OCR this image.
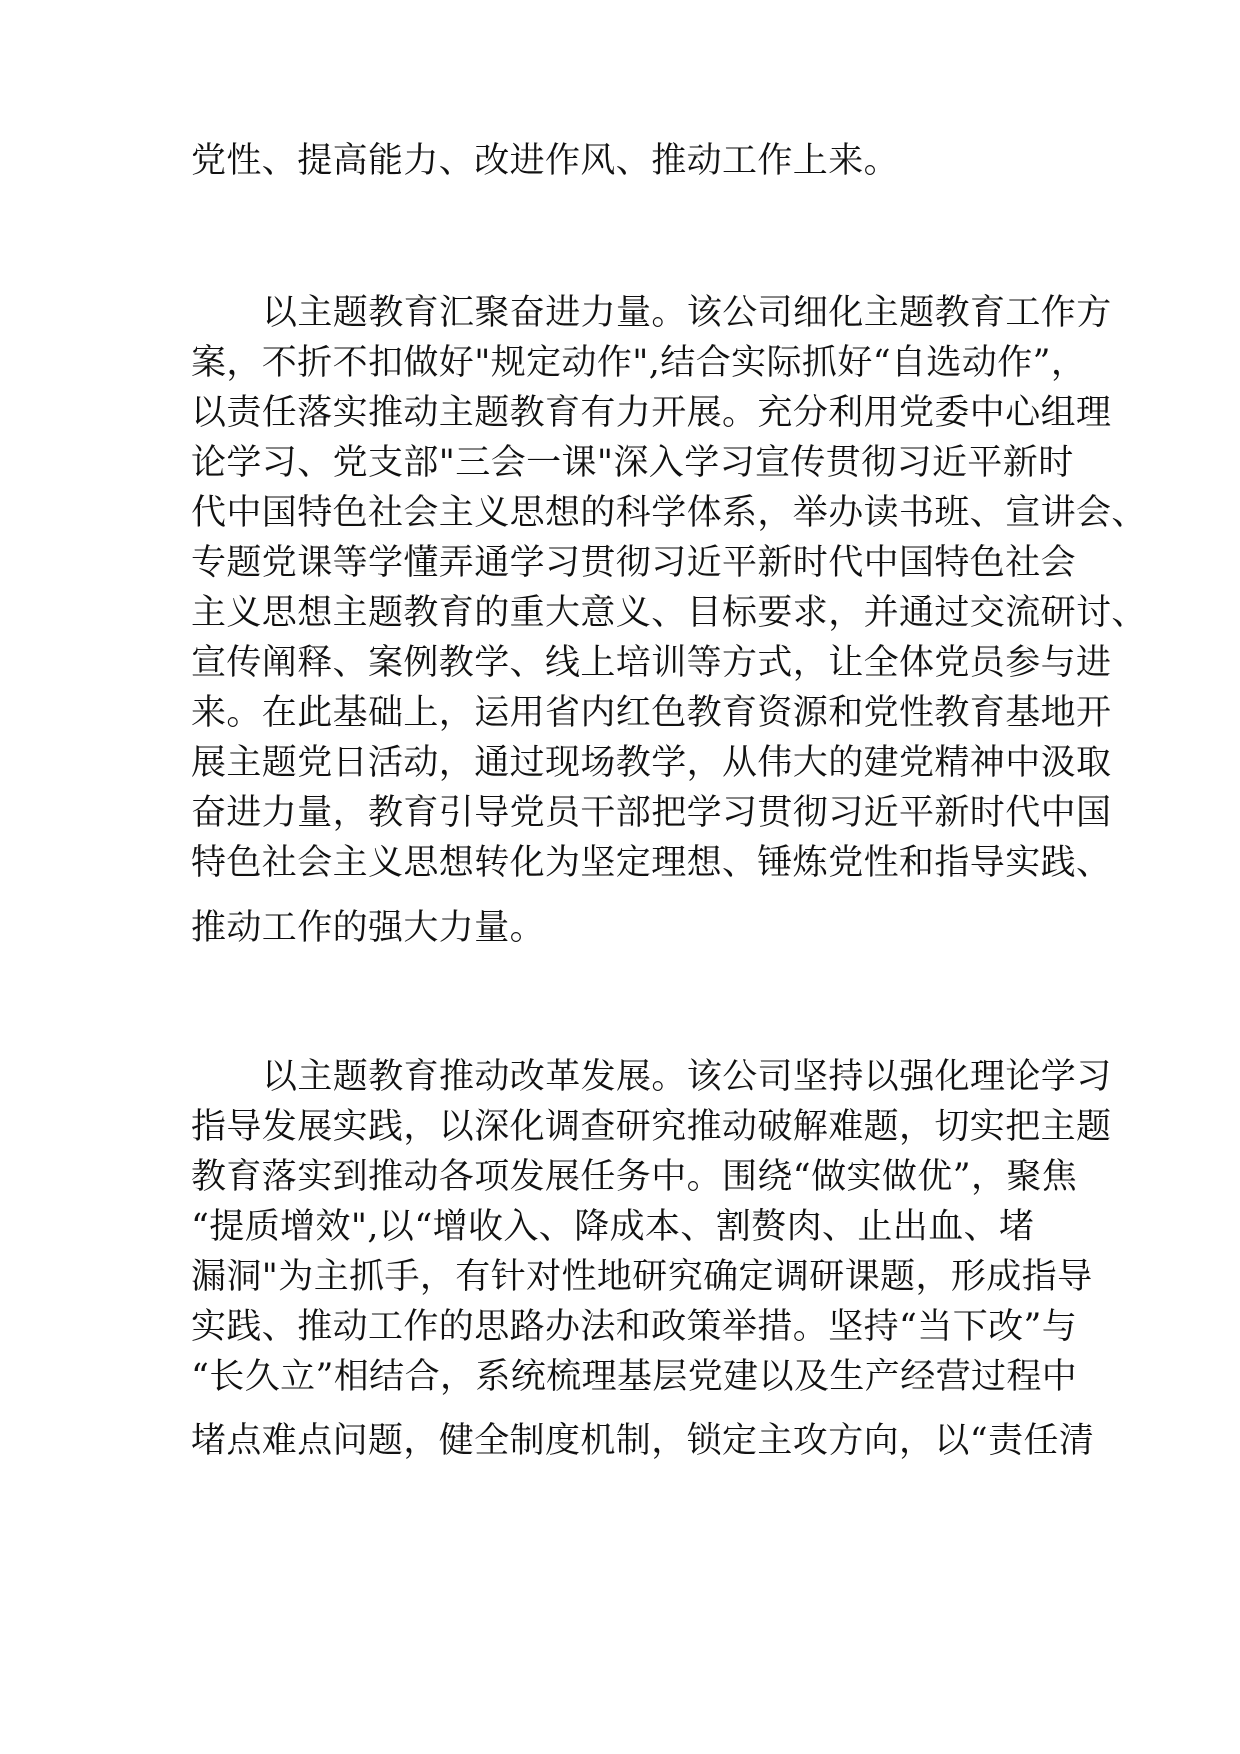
党性、提高能力、改进作风、推动工作上来。
以主题教育汇聚奋进力量。该公司细化主题教育工作方
案，不折不扣做好"规定动作",结合实际抓好“自选动作”，
以责任落实推动主题教育有力开展。充分利用党委中心组理
论学习、党支部"三会一课"深入学习宣传贯彻习近平新时
代中国特色社会主义思想的科学体系，举办读书班、宣讲会、
专题党课等学懂弄通学习贯彻习近平新时代中国特色社会
主义思想主题教育的重大意义、目标要求，并通过交流研讨、
宣传阐释、案例教学、线上培训等方式，让全体党员参与进
来。在此基础上，运用省内红色教育资源和党性教育基地开
展主题党日活动，通过现场教学，从伟大的建党精神中汲取
奋进力量，教育引导党员干部把学习贯彻习近平新时代中国
特色社会主义思想转化为坚定理想、锤炼党性和指导实践、
推动工作的强大力量。
以主题教育推动改革发展。该公司坚持以强化理论学习
指导发展实践，以深化调查研究推动破解难题，切实把主题
教育落实到推动各项发展任务中。围绕“做实做优”，聚焦
“提质增效",以“增收入、降成本、割赘肉、止出血、堵
漏洞"为主抓手，有针对性地研究确定调研课题，形成指导
实践、推动工作的思路办法和政策举措。坚持“当下改”与
“长久立”相结合，系统梳理基层党建以及生产经营过程中
堵点难点问题，健全制度机制，锁定主攻方向，以“责任清
